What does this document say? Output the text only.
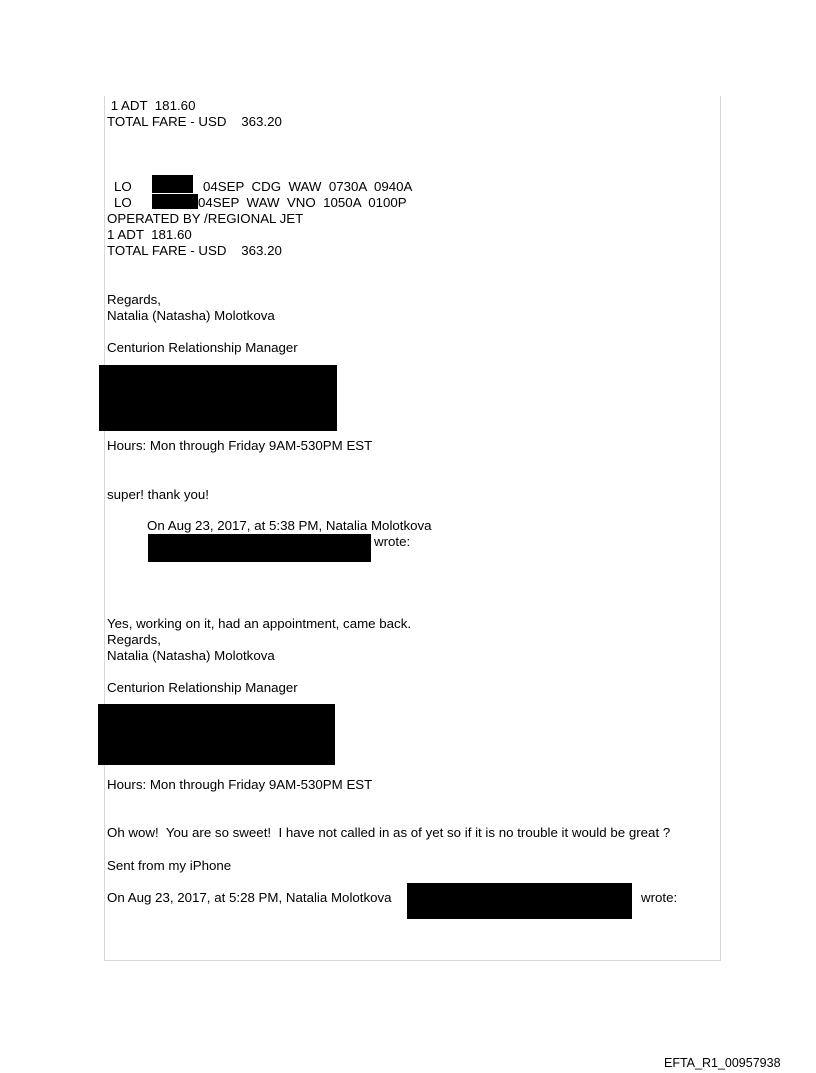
1 ADT  181.60
TOTAL FARE - USD    363.20
LO	04SEP  CDG  WAW  0730A  0940A
LO	04SEP  WAW  VNO  1050A  0100P
OPERATED BY /REGIONAL JET
1 ADT  181.60
TOTAL FARE - USD    363.20
Regards,
Natalia (Natasha) Molotkova
Centurion Relationship Manager
Hours: Mon through Friday 9AM-530PM EST
super! thank you!
On Aug 23, 2017, at 5:38 PM, Natalia Molotkova
wrote:
Yes, working on it, had an appointment, came back.
Regards,
Natalia (Natasha) Molotkova
Centurion Relationship Manager
Hours: Mon through Friday 9AM-530PM EST
Oh wow!  You are so sweet!  I have not called in as of yet so if it is no trouble it would be great ?
Sent from my iPhone
On Aug 23, 2017, at 5:28 PM, Natalia Molotkova	wrote:
EFTA_R1_00957938
